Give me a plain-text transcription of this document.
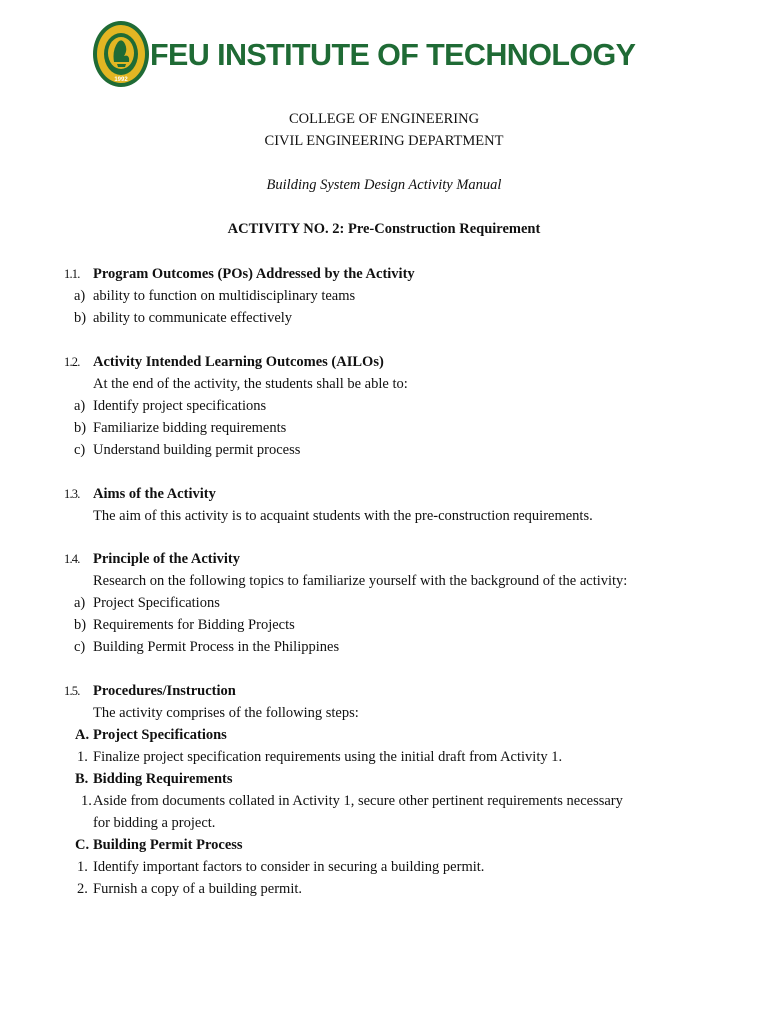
1992
FEU INSTITUTE OF TECHNOLOGY
COLLEGE OF ENGINEERING
CIVIL ENGINEERING DEPARTMENT
Building System Design Activity Manual
ACTIVITY NO. 2: Pre-Construction Requirement
1.1. Program Outcomes (POs) Addressed by the Activity
a) ability to function on multidisciplinary teams
b) ability to communicate effectively
1.2. Activity Intended Learning Outcomes (AILOs)
At the end of the activity, the students shall be able to:
a) Identify project specifications
b) Familiarize bidding requirements
c) Understand building permit process
1.3. Aims of the Activity
The aim of this activity is to acquaint students with the pre-construction requirements.
1.4. Principle of the Activity
Research on the following topics to familiarize yourself with the background of the activity:
a) Project Specifications
b) Requirements for Bidding Projects
c) Building Permit Process in the Philippines
1.5. Procedures/Instruction
The activity comprises of the following steps:
A. Project Specifications
1. Finalize project specification requirements using the initial draft from Activity 1.
B. Bidding Requirements
1. Aside from documents collated in Activity 1, secure other pertinent requirements necessary
for bidding a project.
C. Building Permit Process
1. Identify important factors to consider in securing a building permit.
2. Furnish a copy of a building permit.
